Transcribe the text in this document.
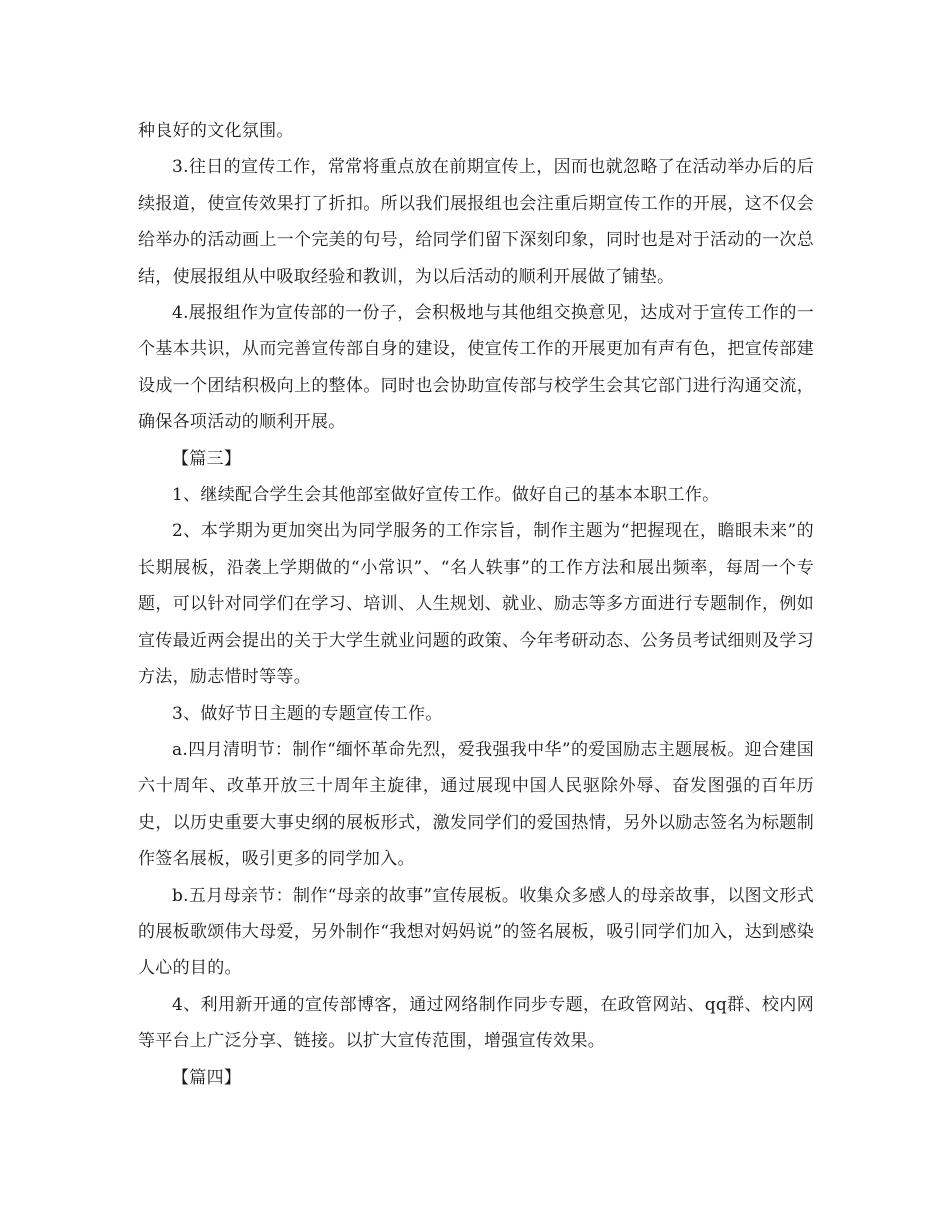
种良好的文化氛围。

3.往日的宣传工作，常常将重点放在前期宣传上，因而也就忽略了在活动举办后的后续报道，使宣传效果打了折扣。所以我们展报组也会注重后期宣传工作的开展，这不仅会给举办的活动画上一个完美的句号，给同学们留下深刻印象，同时也是对于活动的一次总结，使展报组从中吸取经验和教训，为以后活动的顺利开展做了铺垫。

4.展报组作为宣传部的一份子，会积极地与其他组交换意见，达成对于宣传工作的一个基本共识，从而完善宣传部自身的建设，使宣传工作的开展更加有声有色，把宣传部建设成一个团结积极向上的整体。同时也会协助宣传部与校学生会其它部门进行沟通交流，确保各项活动的顺利开展。

【篇三】

1、继续配合学生会其他部室做好宣传工作。做好自己的基本本职工作。

2、本学期为更加突出为同学服务的工作宗旨，制作主题为“把握现在，瞻眼未来”的长期展板，沿袭上学期做的“小常识”、“名人轶事”的工作方法和展出频率，每周一个专题，可以针对同学们在学习、培训、人生规划、就业、励志等多方面进行专题制作，例如宣传最近两会提出的关于大学生就业问题的政策、今年考研动态、公务员考试细则及学习方法，励志惜时等等。

3、做好节日主题的专题宣传工作。

a.四月清明节：制作“缅怀革命先烈，爱我强我中华”的爱国励志主题展板。迎合建国六十周年、改革开放三十周年主旋律，通过展现中国人民驱除外辱、奋发图强的百年历史，以历史重要大事史纲的展板形式，激发同学们的爱国热情，另外以励志签名为标题制作签名展板，吸引更多的同学加入。

b.五月母亲节：制作“母亲的故事”宣传展板。收集众多感人的母亲故事，以图文形式的展板歌颂伟大母爱，另外制作“我想对妈妈说”的签名展板，吸引同学们加入，达到感染人心的目的。

4、利用新开通的宣传部博客，通过网络制作同步专题，在政管网站、qq群、校内网等平台上广泛分享、链接。以扩大宣传范围，增强宣传效果。

【篇四】
